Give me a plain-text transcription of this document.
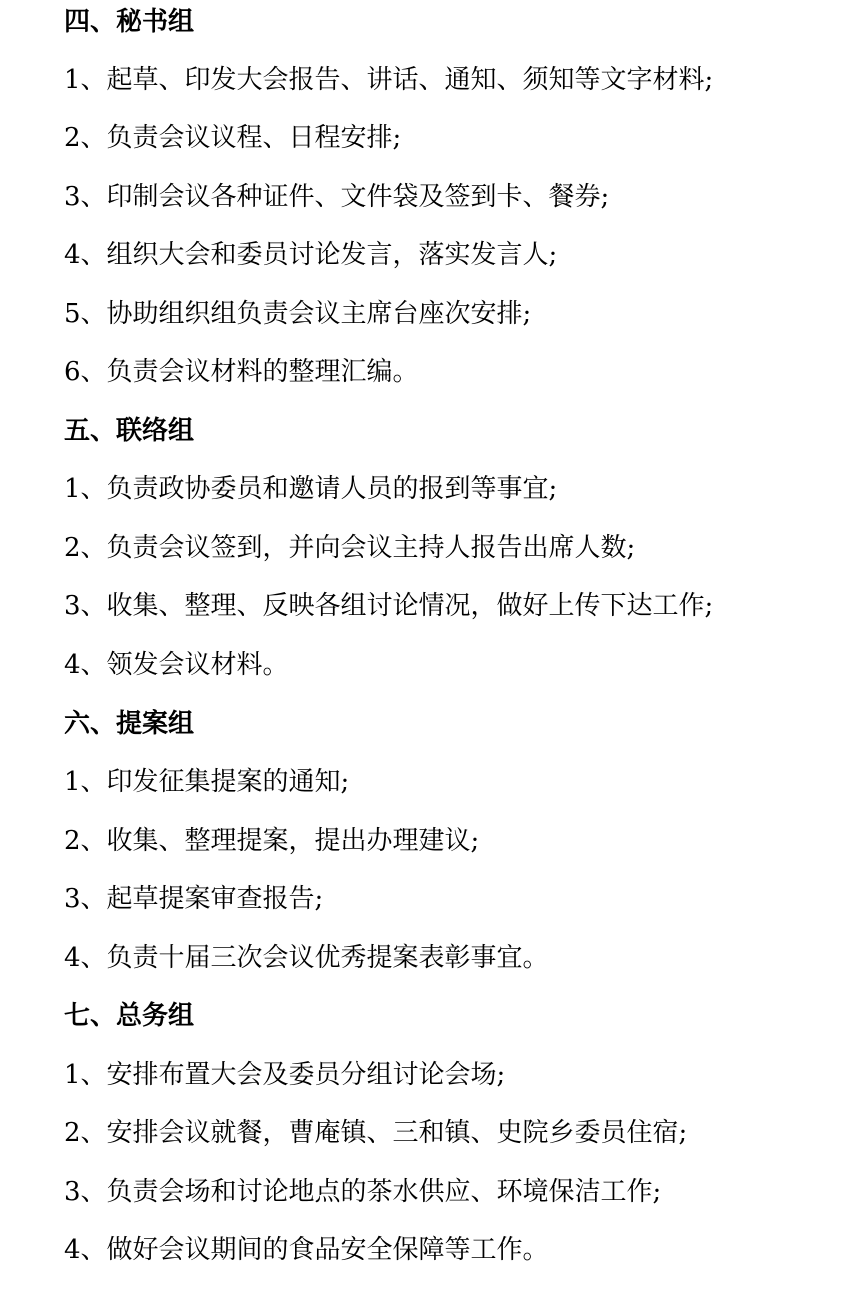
四、秘书组

1、起草、印发大会报告、讲话、通知、须知等文字材料;

2、负责会议议程、日程安排;

3、印制会议各种证件、文件袋及签到卡、餐券;

4、组织大会和委员讨论发言，落实发言人;

5、协助组织组负责会议主席台座次安排;

6、负责会议材料的整理汇编。

五、联络组

1、负责政协委员和邀请人员的报到等事宜;

2、负责会议签到，并向会议主持人报告出席人数;

3、收集、整理、反映各组讨论情况，做好上传下达工作;

4、领发会议材料。

六、提案组

1、印发征集提案的通知;

2、收集、整理提案，提出办理建议;

3、起草提案审查报告;

4、负责十届三次会议优秀提案表彰事宜。

七、总务组

1、安排布置大会及委员分组讨论会场;

2、安排会议就餐，曹庵镇、三和镇、史院乡委员住宿;

3、负责会场和讨论地点的茶水供应、环境保洁工作;

4、做好会议期间的食品安全保障等工作。
